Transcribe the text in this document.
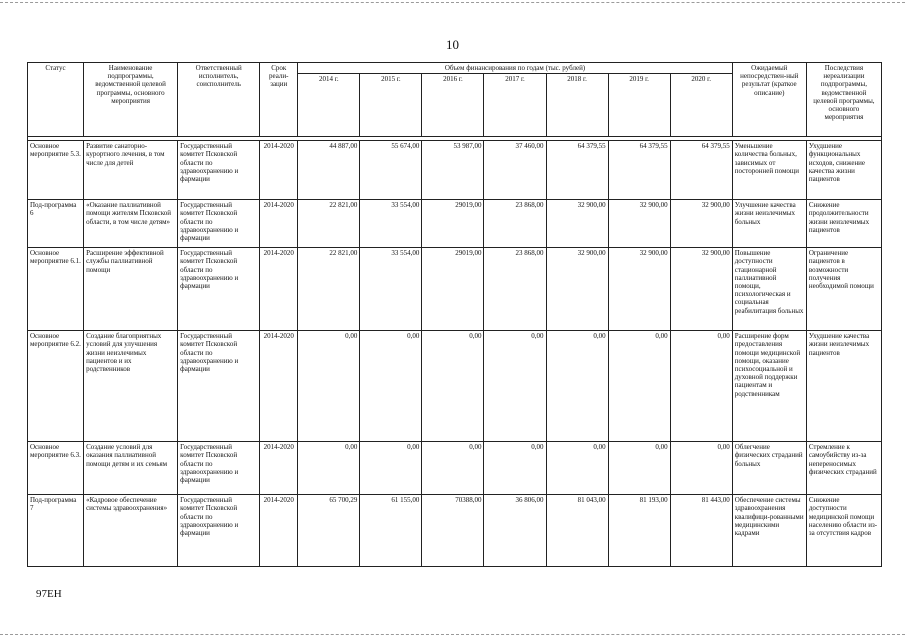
10
Статус	Наименование подпрограммы, ведомственной целевой программы, основного мероприятия	Ответственный исполнитель, соисполнитель	Срок реали-зации	Объем финансирования по годам (тыс. рублей)							Ожидаемый непосредствен-ный результат (краткое описание)	Последствия нереализации подпрограммы, ведомственной целевой программы, основного мероприятия
				2014 г.	2015 г.	2016 г.	2017 г.	2018 г.	2019 г.	2020 г.		

Основное мероприятие 5.3.	Развитие санаторно-курортного лечения, в том числе для детей	Государственный комитет Псковской области по здравоохранению и фармации	2014-2020	44 887,00	55 674,00	53 987,00	37 460,00	64 379,55	64 379,55	64 379,55	Уменьшение количества больных, зависимых от посторонней помощи	Ухудшение функциональных исходов, снижение качества жизни пациентов
Под-программа 6	«Оказание паллиативной помощи жителям Псковской области, в том числе детям»	Государственный комитет Псковской области по здравоохранению и фармации	2014-2020	22 821,00	33 554,00	29019,00	23 868,00	32 900,00	32 900,00	32 900,00	Улучшение качества жизни неизлечимых больных	Снижение продолжительности жизни неизлечимых пациентов
Основное мероприятие 6.1.	Расширение эффективной службы паллиативной помощи	Государственный комитет Псковской области по здравоохранению и фармации	2014-2020	22 821,00	33 554,00	29019,00	23 868,00	32 900,00	32 900,00	32 900,00	Повышение доступности стационарной паллиативной помощи, психологическая и социальная реабилитация больных	Ограничение пациентов в возможности получения необходимой помощи
Основное мероприятие 6.2.	Создание благоприятных условий для улучшения жизни неизлечимых пациентов и их родственников	Государственный комитет Псковской области по здравоохранению и фармации	2014-2020	0,00	0,00	0,00	0,00	0,00	0,00	0,00	Расширение форм предоставления помощи медицинской помощи, оказание психосоциальной и духовной поддержки пациентам и родственникам	Ухудшение качества жизни неизлечимых пациентов
Основное мероприятие 6.3.	Создание условий для оказания паллиативной помощи детям и их семьям	Государственный комитет Псковской области по здравоохранению и фармации	2014-2020	0,00	0,00	0,00	0,00	0,00	0,00	0,00	Облегчение физических страданий больных	Стремление к самоубийству из-за непереносимых физических страданий
Под-программа 7	«Кадровое обеспечение системы здравоохранения»	Государственный комитет Псковской области по здравоохранению и фармации	2014-2020	65 700,29	61 155,00	70388,00	36 806,00	81 043,00	81 193,00	81 443,00	Обеспечение системы здравоохранения квалифици-рованными медицинскими кадрами	Снижение доступности медицинской помощи населению области из-за отсутствия кадров
97EH
